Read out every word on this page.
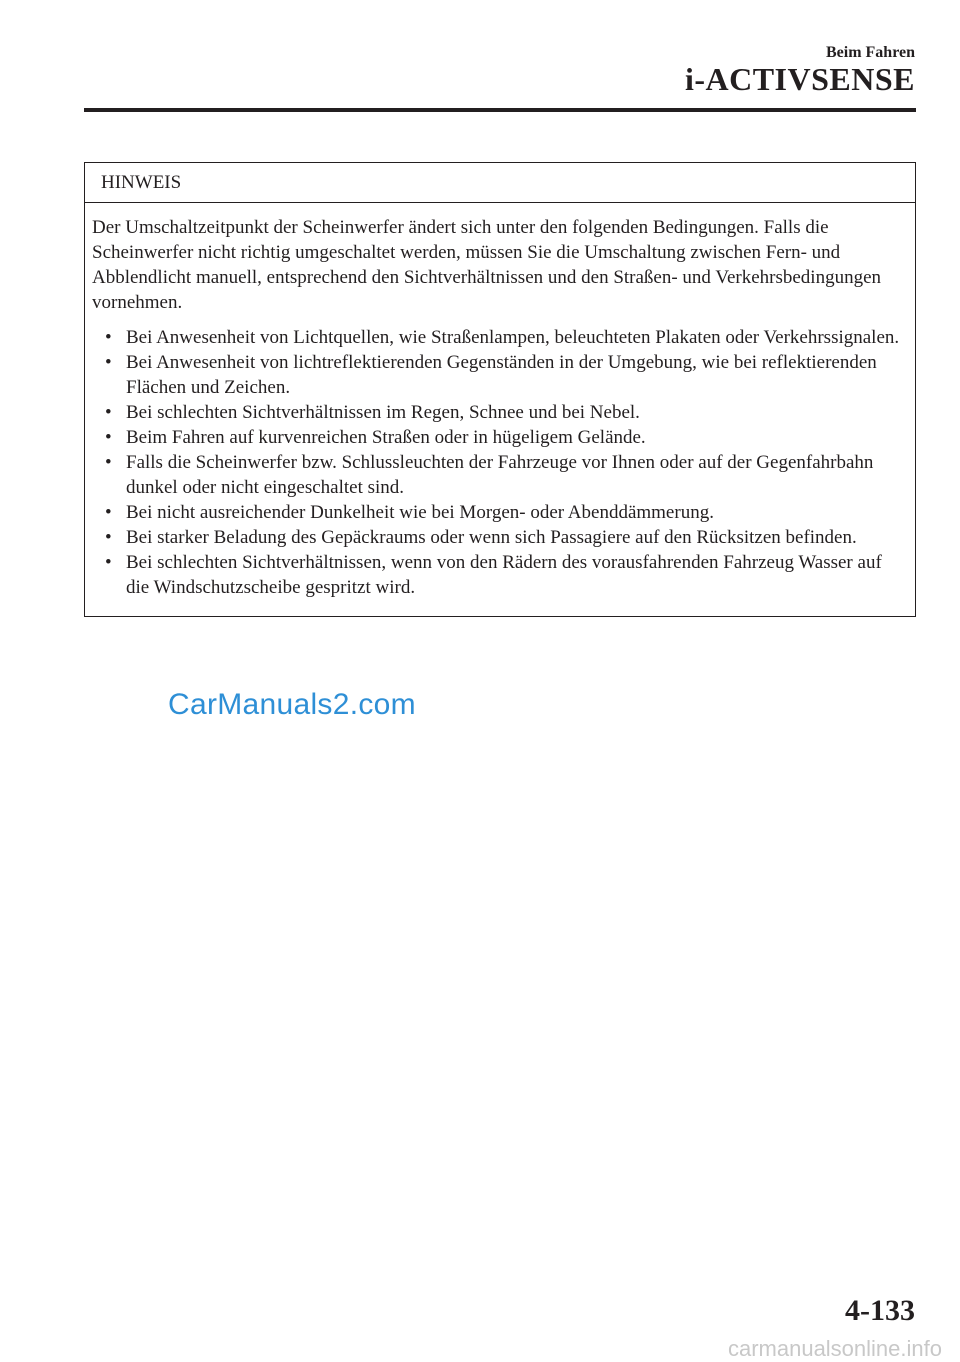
Beim Fahren
i-ACTIVSENSE
HINWEIS

Der Umschaltzeitpunkt der Scheinwerfer ändert sich unter den folgenden Bedingungen. Falls die Scheinwerfer nicht richtig umgeschaltet werden, müssen Sie die Umschaltung zwischen Fern- und Abblendlicht manuell, entsprechend den Sichtverhältnissen und den Straßen- und Verkehrsbedingungen vornehmen.

• Bei Anwesenheit von Lichtquellen, wie Straßenlampen, beleuchteten Plakaten oder Verkehrssignalen.
• Bei Anwesenheit von lichtreflektierenden Gegenständen in der Umgebung, wie bei reflektierenden Flächen und Zeichen.
• Bei schlechten Sichtverhältnissen im Regen, Schnee und bei Nebel.
• Beim Fahren auf kurvenreichen Straßen oder in hügeligem Gelände.
• Falls die Scheinwerfer bzw. Schlussleuchten der Fahrzeuge vor Ihnen oder auf der Gegenfahrbahn dunkel oder nicht eingeschaltet sind.
• Bei nicht ausreichender Dunkelheit wie bei Morgen- oder Abenddämmerung.
• Bei starker Beladung des Gepäckraums oder wenn sich Passagiere auf den Rücksitzen befinden.
• Bei schlechten Sichtverhältnissen, wenn von den Rädern des vorausfahrenden Fahrzeug Wasser auf die Windschutzscheibe gespritzt wird.
CarManuals2.com
4-133
carmanualsonline.info
